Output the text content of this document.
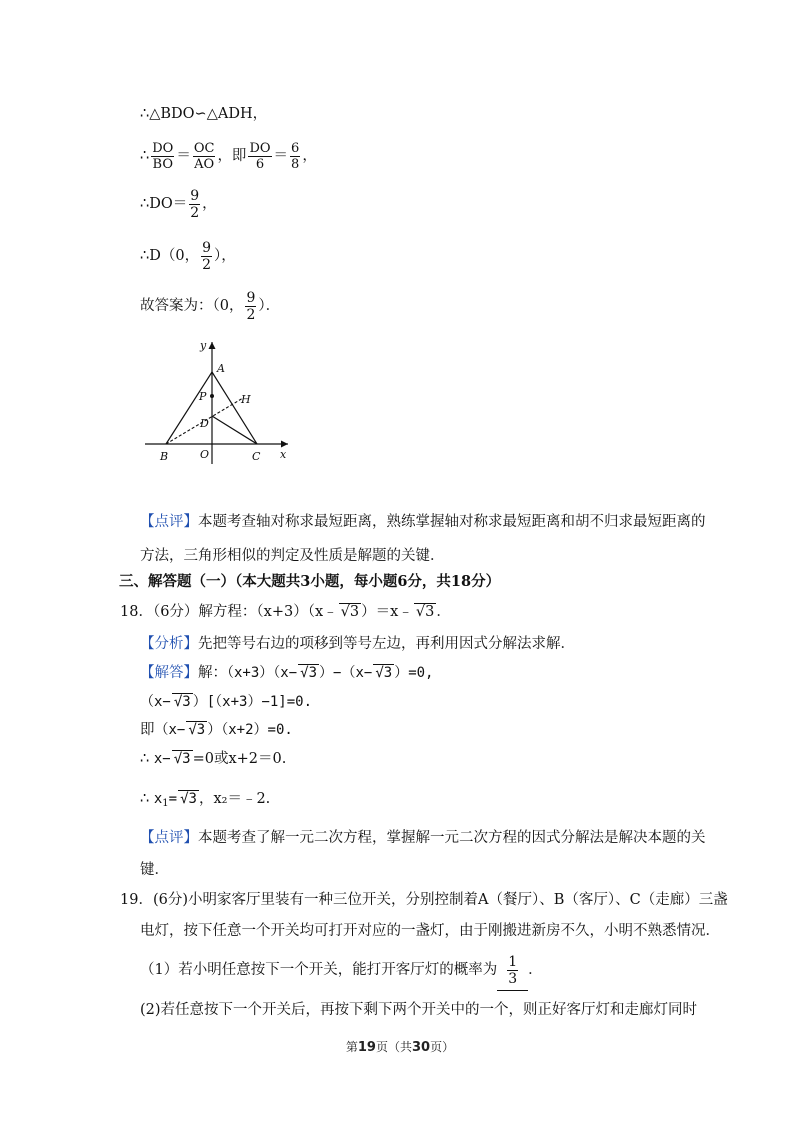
∴△BDO∽△ADH，
∴ $\frac{DO}{BO} = \frac{OC}{AO}$ ，即 $\frac{DO}{6} = \frac{6}{8}$ ，
∴DO＝ $\frac{9}{2}$ ，
∴D（0， $\frac{9}{2}$ ），
故答案为：（0， $\frac{9}{2}$ ）．
y
A
P	H
D
B	O	C x
【点评】本题考查轴对称求最短距离，熟练掌握轴对称求最短距离和胡不归求最短距离的
方法，三角形相似的判定及性质是解题的关键．
三、解答题（一）（本大题共3小题，每小题6分，共18分）
18．（6分）解方程：（x+3）（x﹣ √3 ）＝x﹣ √3 ．
【分析】先把等号右边的项移到等号左边，再利用因式分解法求解．
【解答】解：（x+3）（x− √3 ）−（x− √3 ）=0,
（x− √3 ）[（x+3）−1]=0.
即（x− √3 ）（x+2）=0.
∴ x− √3 =0或x+2＝0.
∴ $x_1= √3$ ，x₂＝﹣2.
【点评】本题考查了解一元二次方程，掌握解一元二次方程的因式分解法是解决本题的关
键．
19．(6分)小明家客厅里装有一种三位开关，分别控制着A（餐厅）、B（客厅）、C（走廊）三盏
电灯，按下任意一个开关均可打开对应的一盏灯，由于刚搬进新房不久，小明不熟悉情况．
（1）若小明任意按下一个开关，能打开客厅灯的概率为 $\frac{1}{3}$ ．
(2)若任意按下一个开关后，再按下剩下两个开关中的一个，则正好客厅灯和走廊灯同时
第19页（共30页）
